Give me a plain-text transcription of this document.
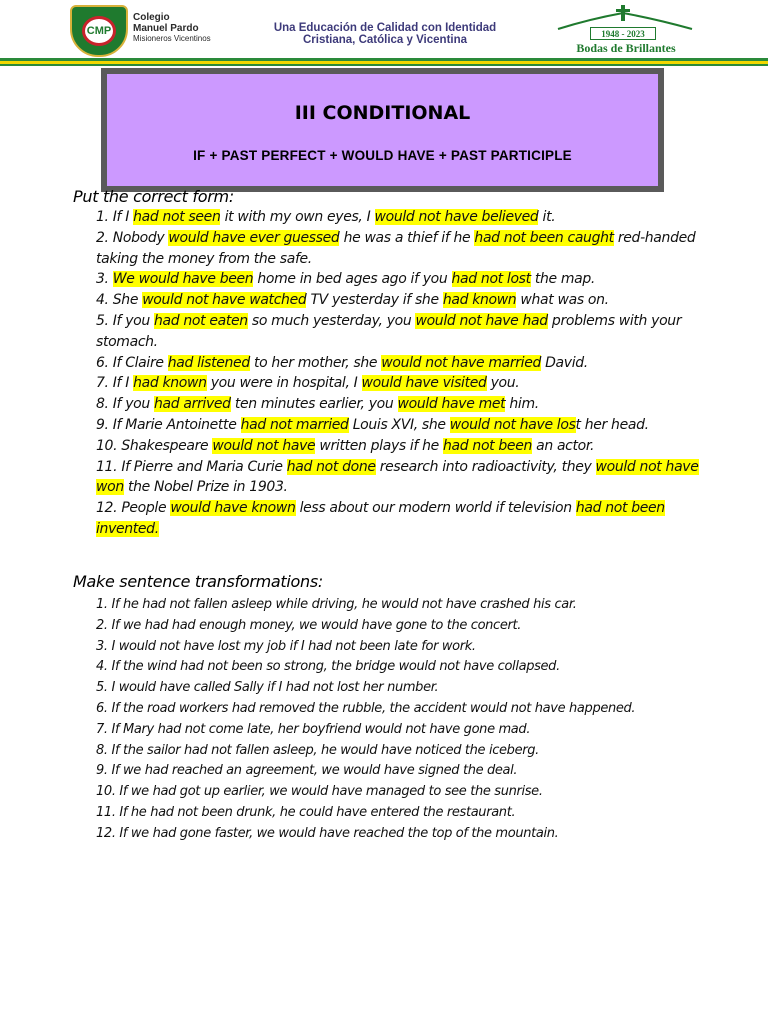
CMP
Colegio
Manuel Pardo
Misioneros Vicentinos
Una Educación de Calidad con Identidad
Cristiana, Católica y Vicentina
1948 - 2023
Bodas de Brillantes
III CONDITIONAL
IF + PAST PERFECT + WOULD HAVE + PAST PARTICIPLE
Put the correct form:

1. If I had not seen it with my own eyes, I would not have believed it.

2. Nobody would have ever guessed he was a thief if he had not been caught red-handed taking the money from the safe.

3. We would have been home in bed ages ago if you had not lost the map.

4. She would not have watched TV yesterday if she had known what was on.

5. If you had not eaten so much yesterday, you would not have had problems with your stomach.

6. If Claire had listened to her mother, she would not have married David.

7. If I had known you were in hospital, I would have visited you.

8. If you had arrived ten minutes earlier, you would have met him.

9. If Marie Antoinette had not married Louis XVI, she would not have lost her head.

10. Shakespeare would not have written plays if he had not been an actor.

11. If Pierre and Maria Curie had not done research into radioactivity, they would not have won the Nobel Prize in 1903.

12. People would have known less about our modern world if television had not been invented.

Make sentence transformations:

1. If he had not fallen asleep while driving, he would not have crashed his car.

2. If we had had enough money, we would have gone to the concert.

3. I would not have lost my job if I had not been late for work.

4. If the wind had not been so strong, the bridge would not have collapsed.

5. I would have called Sally if I had not lost her number.

6. If the road workers had removed the rubble, the accident would not have happened.

7. If Mary had not come late, her boyfriend would not have gone mad.

8. If the sailor had not fallen asleep, he would have noticed the iceberg.

9. If we had reached an agreement, we would have signed the deal.

10. If we had got up earlier, we would have managed to see the sunrise.

11. If he had not been drunk, he could have entered the restaurant.

12. If we had gone faster, we would have reached the top of the mountain.
